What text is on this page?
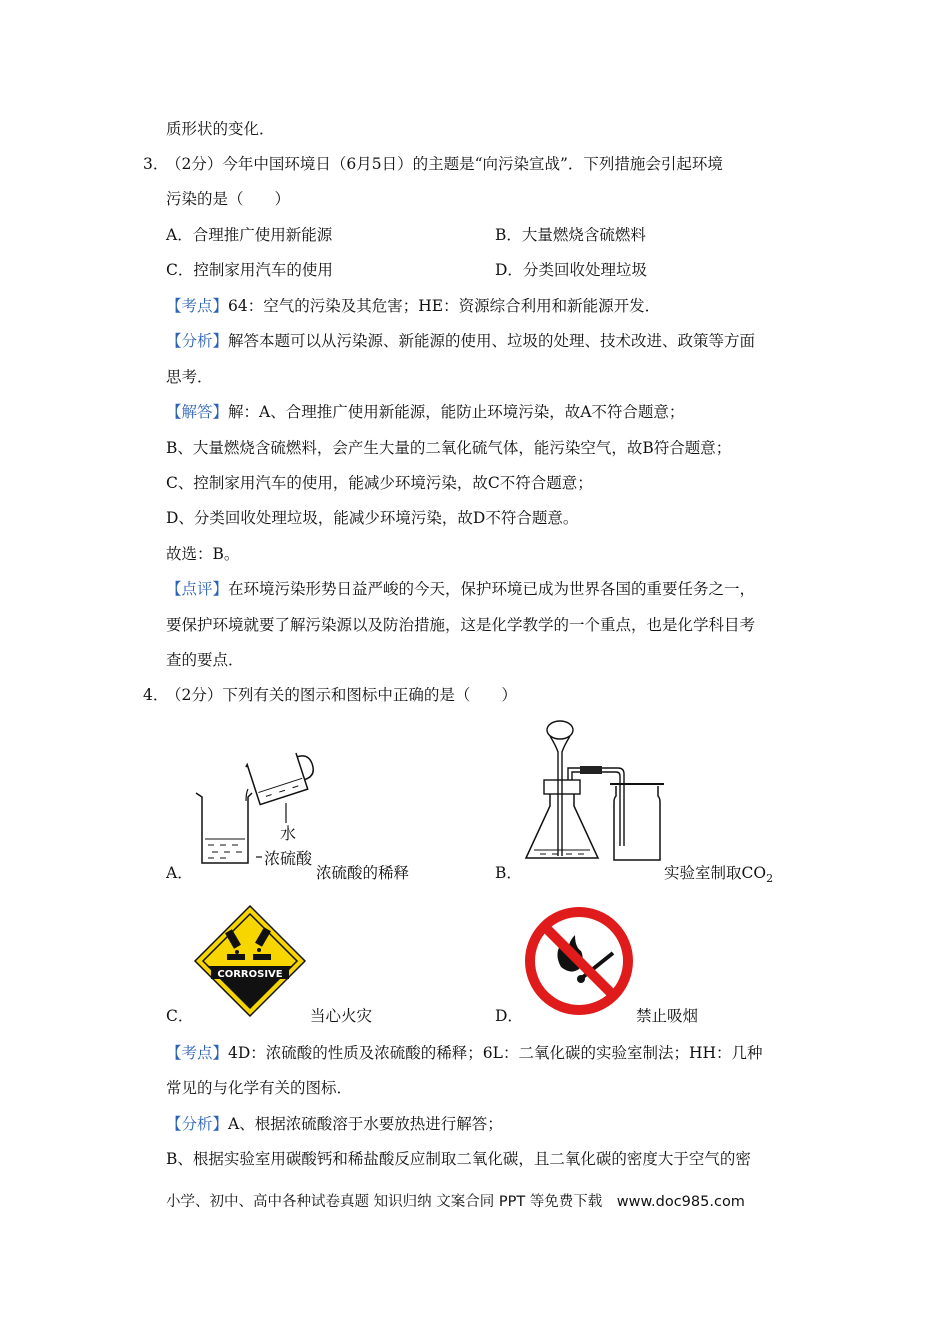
质形状的变化．
3．
（2分）今年中国环境日（6月5日）的主题是“向污染宣战”．下列措施会引起环境
污染的是（　　）
A．合理推广使用新能源	B．大量燃烧含硫燃料
C．控制家用汽车的使用	D．分类回收处理垃圾
【考点】64：空气的污染及其危害；HE：资源综合利用和新能源开发．
【分析】解答本题可以从污染源、新能源的使用、垃圾的处理、技术改进、政策等方面
思考．
【解答】解：A、合理推广使用新能源，能防止环境污染，故A不符合题意；
B、大量燃烧含硫燃料，会产生大量的二氧化硫气体，能污染空气，故B符合题意；
C、控制家用汽车的使用，能减少环境污染，故C不符合题意；
D、分类回收处理垃圾，能减少环境污染，故D不符合题意。
故选：B。
【点评】在环境污染形势日益严峻的今天，保护环境已成为世界各国的重要任务之一，
要保护环境就要了解污染源以及防治措施，这是化学教学的一个重点，也是化学科目考
查的要点．
4．
（2分）下列有关的图示和图标中正确的是（　　）
水
浓硫酸
A．	浓硫酸的稀释	B．	实验室制取$CO_2$
CORROSIVE
C．	当心火灾	D．	禁止吸烟
【考点】4D：浓硫酸的性质及浓硫酸的稀释；6L：二氧化碳的实验室制法；HH：几种
常见的与化学有关的图标．
【分析】A、根据浓硫酸溶于水要放热进行解答；
B、根据实验室用碳酸钙和稀盐酸反应制取二氧化碳，且二氧化碳的密度大于空气的密
小学、初中、高中各种试卷真题 知识归纳 文案合同 PPT 等免费下载　www.doc985.com
